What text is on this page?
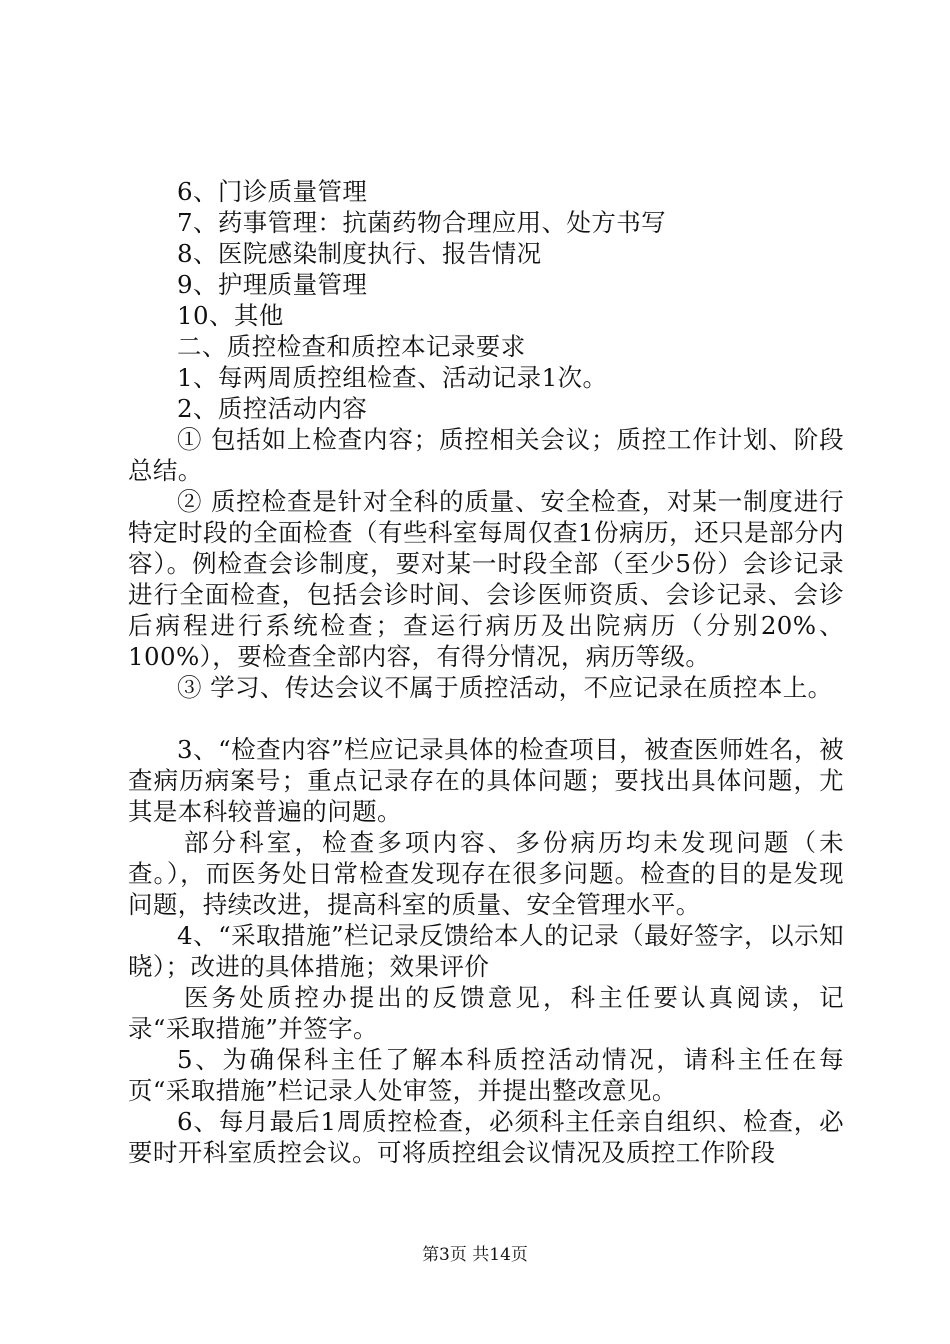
6、门诊质量管理

7、药事管理：抗菌药物合理应用、处方书写

8、医院感染制度执行、报告情况

9、护理质量管理

10、其他

二、质控检查和质控本记录要求

1、每两周质控组检查、活动记录1次。

2、质控活动内容

① 包括如上检查内容；质控相关会议；质控工作计划、阶段总结。

② 质控检查是针对全科的质量、安全检查，对某一制度进行特定时段的全面检查（有些科室每周仅查1份病历，还只是部分内容）。例检查会诊制度，要对某一时段全部（至少5份）会诊记录进行全面检查，包括会诊时间、会诊医师资质、会诊记录、会诊后病程进行系统检查；查运行病历及出院病历（分别20%、100%），要检查全部内容，有得分情况，病历等级。

③ 学习、传达会议不属于质控活动，不应记录在质控本上。

3、“检查内容”栏应记录具体的检查项目，被查医师姓名，被查病历病案号；重点记录存在的具体问题；要找出具体问题，尤其是本科较普遍的问题。

部分科室，检查多项内容、多份病历均未发现问题（未查。），而医务处日常检查发现存在很多问题。检查的目的是发现问题，持续改进，提高科室的质量、安全管理水平。

4、“采取措施”栏记录反馈给本人的记录（最好签字，以示知晓）；改进的具体措施；效果评价

医务处质控办提出的反馈意见，科主任要认真阅读，记录“采取措施”并签字。

5、为确保科主任了解本科质控活动情况，请科主任在每页“采取措施”栏记录人处审签，并提出整改意见。

6、每月最后1周质控检查，必须科主任亲自组织、检查，必要时开科室质控会议。可将质控组会议情况及质控工作阶段

第3页 共14页
